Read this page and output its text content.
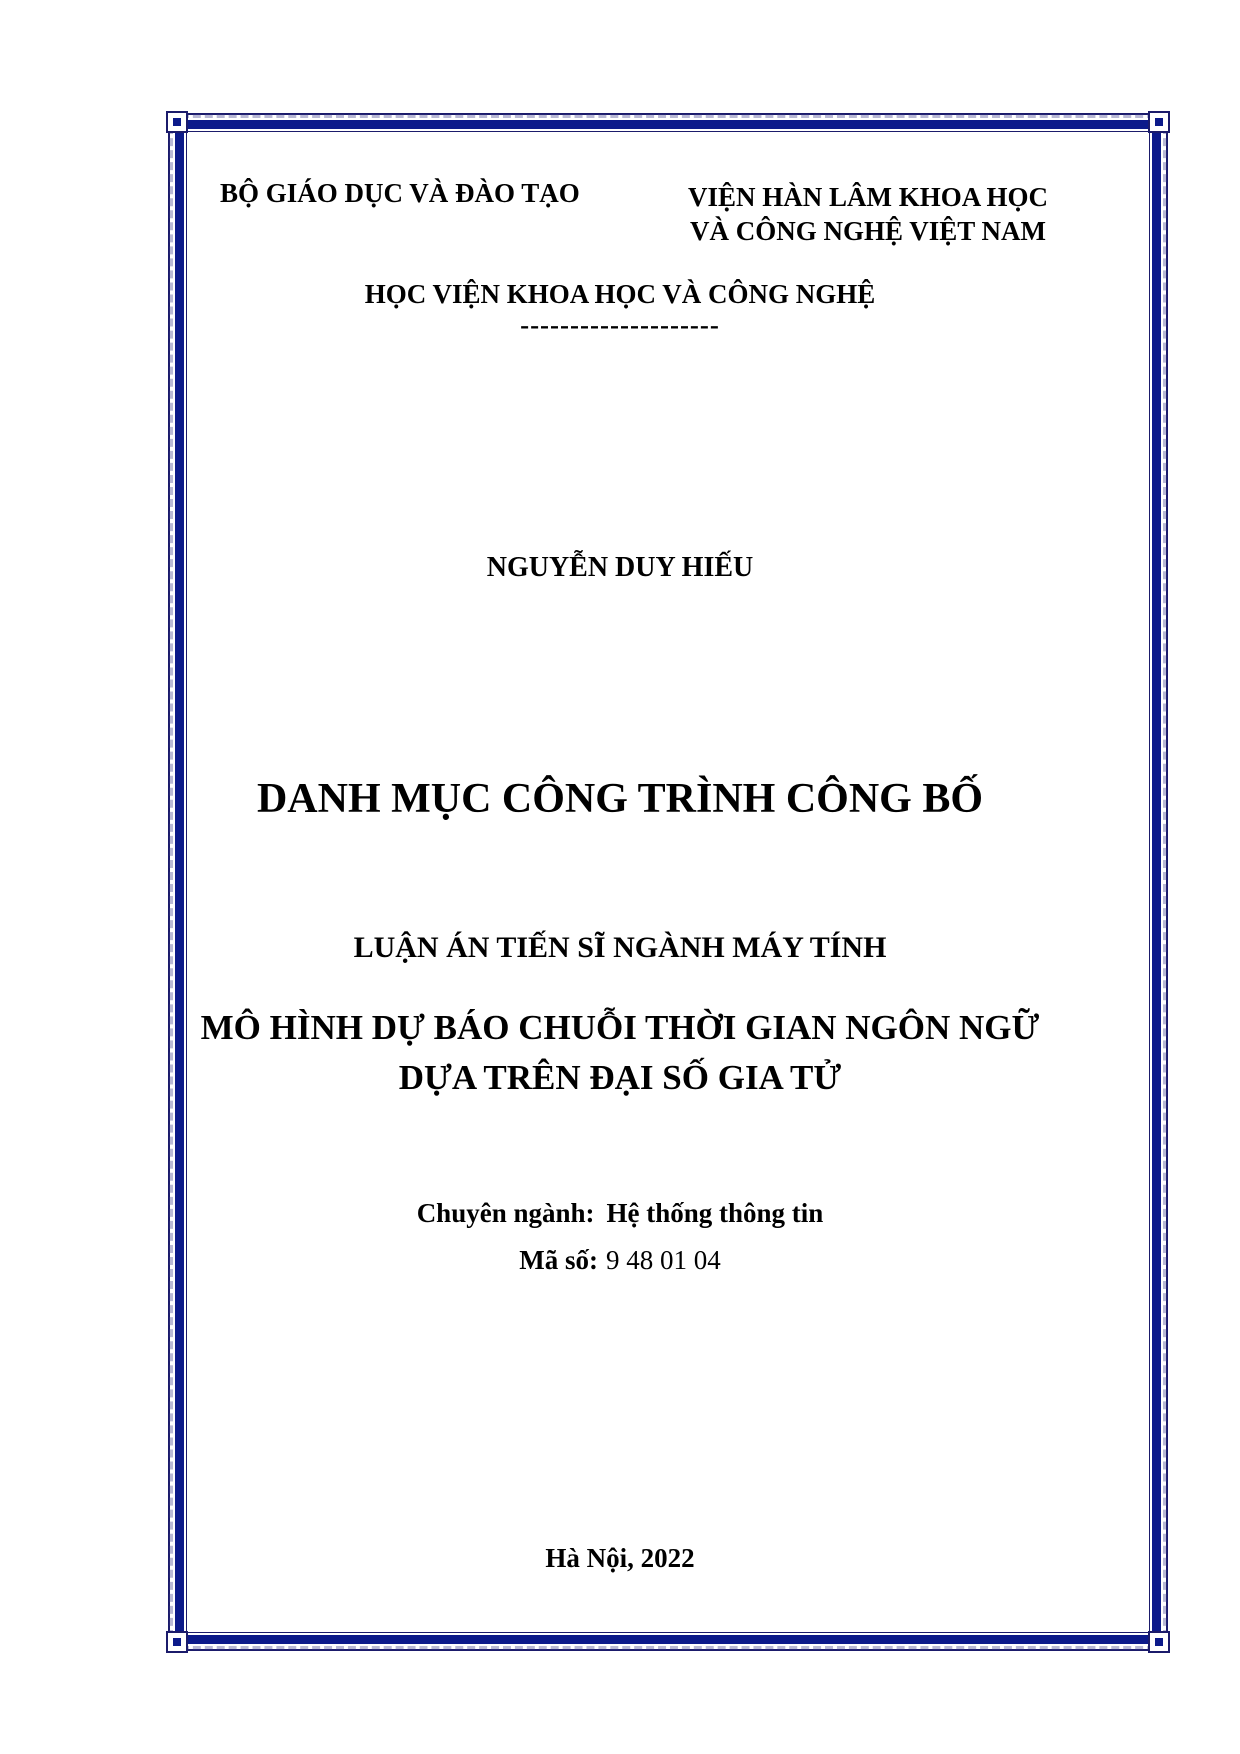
BỘ GIÁO DỤC VÀ ĐÀO TẠO	VIỆN HÀN LÂM KHOA HỌC
VÀ CÔNG NGHỆ VIỆT NAM
HỌC VIỆN KHOA HỌC VÀ CÔNG NGHỆ
--------------------
NGUYỄN DUY HIẾU
DANH MỤC CÔNG TRÌNH CÔNG BỐ
LUẬN ÁN TIẾN SĨ NGÀNH MÁY TÍNH
MÔ HÌNH DỰ BÁO CHUỖI THỜI GIAN NGÔN NGỮ
DỰA TRÊN ĐẠI SỐ GIA TỬ
Chuyên ngành: Hệ thống thông tin
Mã số: 9 48 01 04
Hà Nội, 2022
